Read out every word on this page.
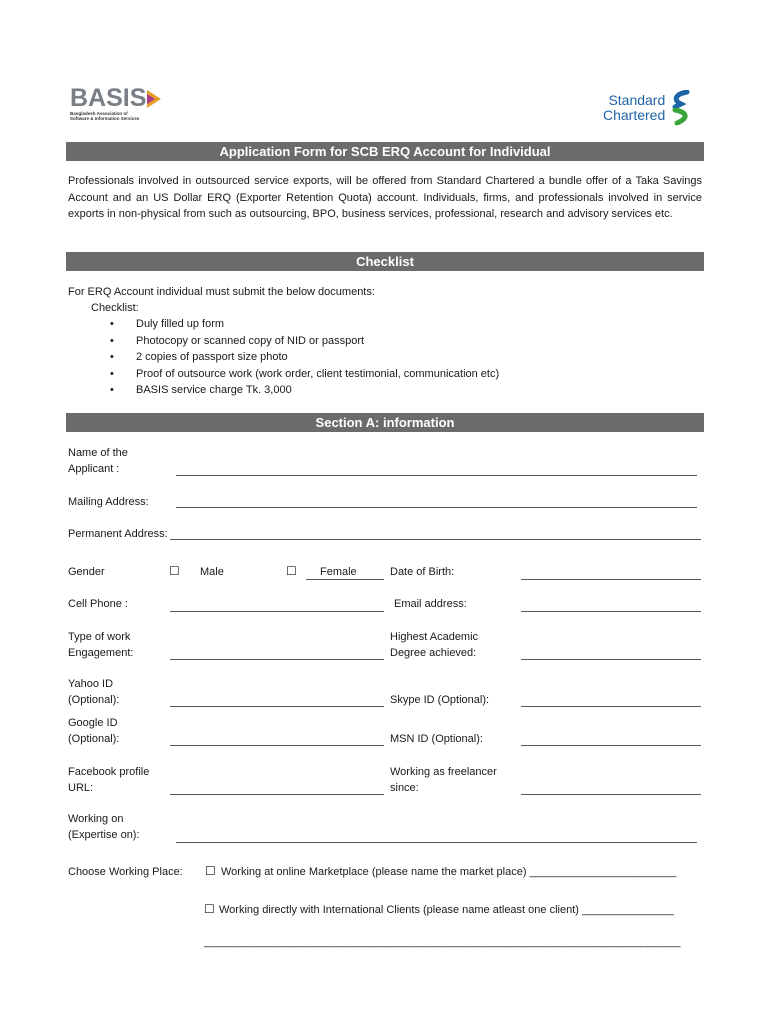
BASIS
Bangladesh Association of
Software & Information Services
Standard
Chartered
Application Form for SCB ERQ Account for Individual
Professionals involved in outsourced service exports, will be offered from Standard Chartered a bundle offer of a Taka Savings Account and an US Dollar ERQ (Exporter Retention Quota) account. Individuals, firms, and professionals involved in service exports in non-physical from such as outsourcing, BPO, business services, professional, research and advisory services etc.
Checklist
For ERQ Account individual must submit the below documents:
Checklist:
• Duly filled up form
• Photocopy or scanned copy of NID or passport
• 2 copies of passport size photo
• Proof of outsource work (work order, client testimonial, communication etc)
• BASIS service charge Tk. 3,000
Section A: information
Name of the
Applicant :
Mailing Address:
Permanent Address:
Gender	☐ Male	☐ Female	Date of Birth:
Cell Phone :	Email address:
Type of work
Engagement:
Highest Academic
Degree achieved:
Yahoo ID
(Optional):	Skype ID (Optional):
Google ID
(Optional):	MSN ID (Optional):
Facebook profile
URL:
Working as freelancer
since:
Working on
(Expertise on):
Choose Working Place: ☐ Working at online Marketplace (please name the market place) ________________________
☐ Working directly with International Clients (please name atleast one client) _______________
____________________________________________________________________________________
